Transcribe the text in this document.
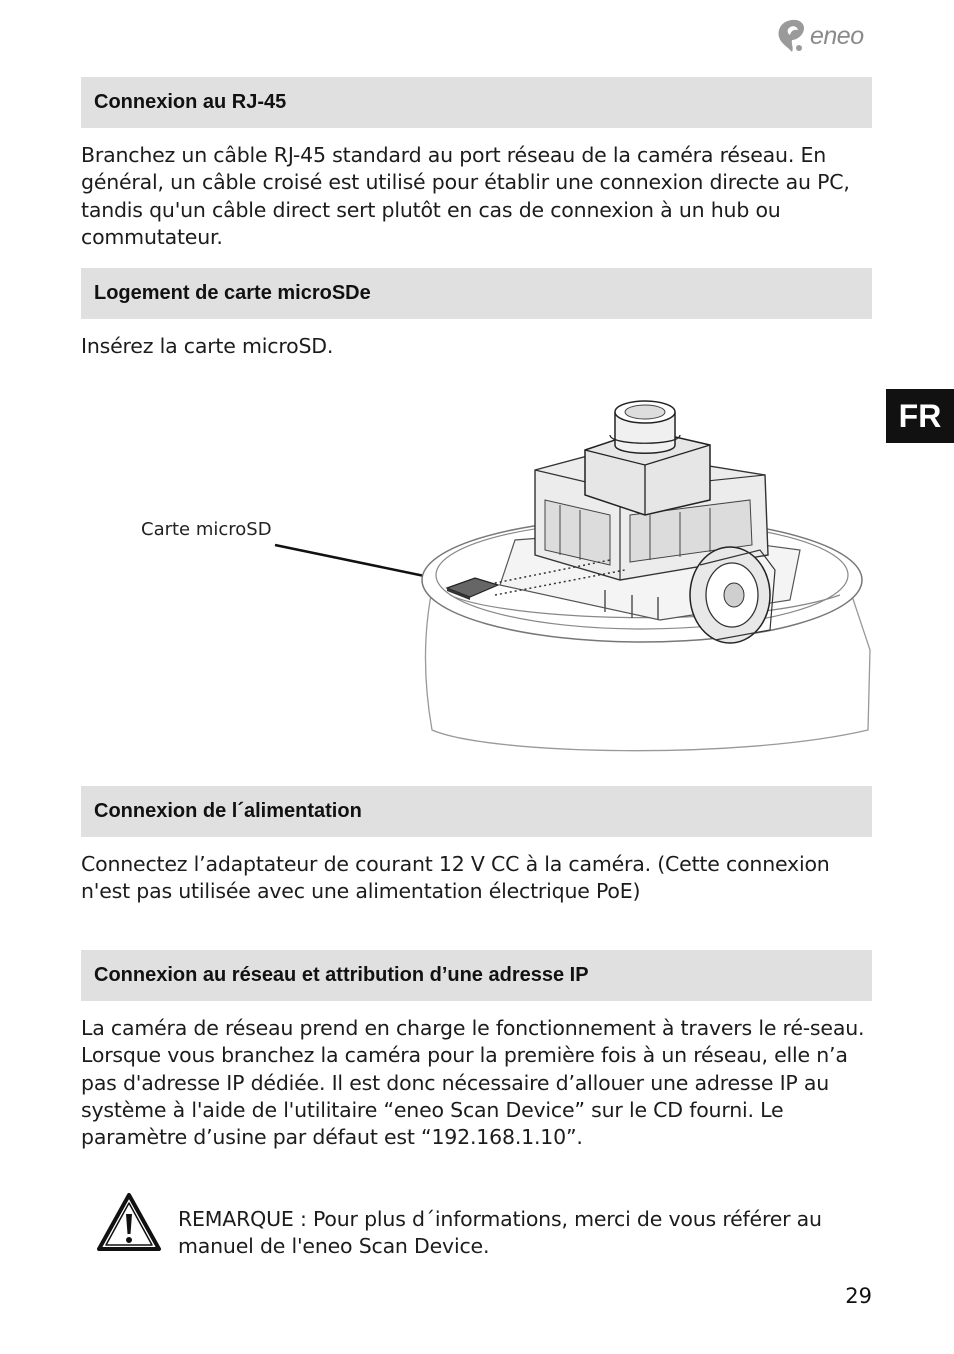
eneo
FR
Connexion au RJ-45

Branchez un câble RJ-45 standard au port réseau de la caméra réseau. En général, un câble croisé est utilisé pour établir une connexion directe au PC, tandis qu'un câble direct sert plutôt en cas de connexion à un hub ou commutateur.

Logement de carte microSDe

Insérez la carte microSD.

Carte microSD
Connexion de l´alimentation

Connectez l’adaptateur de courant 12 V CC à la caméra. (Cette connexion n'est pas utilisée avec une alimentation électrique PoE)

Connexion au réseau et attribution d’une adresse IP

La caméra de réseau prend en charge le fonctionnement à travers le ré-seau. Lorsque vous branchez la caméra pour la première fois à un réseau, elle n’a pas d'adresse IP dédiée. Il est donc nécessaire d’allouer une adresse IP au système à l'aide de l'utilitaire “eneo Scan Device” sur le CD fourni. Le paramètre d’usine par défaut est “192.168.1.10”.

REMARQUE : Pour plus d´informations, merci de vous référer au manuel de l'eneo Scan Device.

29
